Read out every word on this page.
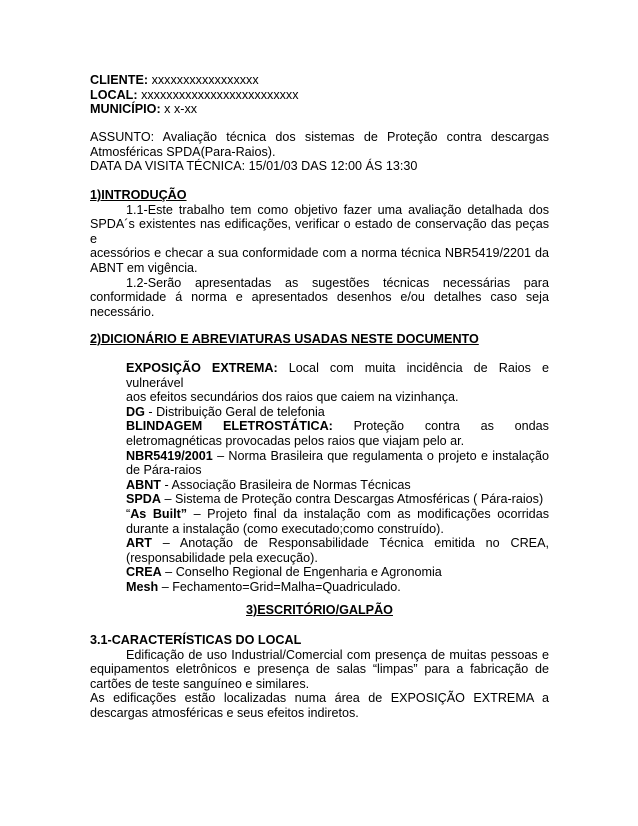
CLIENTE: xxxxxxxxxxxxxxxxx
LOCAL: xxxxxxxxxxxxxxxxxxxxxxxxx
MUNICÍPIO: x x-xx
ASSUNTO: Avaliação técnica dos sistemas de Proteção contra descargas
Atmosféricas SPDA(Para-Raios).
DATA DA VISITA TÉCNICA: 15/01/03 DAS 12:00 ÁS 13:30
1)INTRODUÇÃO
1.1-Este trabalho tem como objetivo fazer uma avaliação detalhada dos
SPDA´s existentes nas edificações, verificar o estado de conservação das peças e
acessórios e checar a sua conformidade com a norma técnica NBR5419/2201 da
ABNT em vigência.
1.2-Serão apresentadas as sugestões técnicas necessárias para
conformidade á norma e apresentados desenhos e/ou detalhes caso seja
necessário.
2)DICIONÁRIO E ABREVIATURAS USADAS NESTE DOCUMENTO
EXPOSIÇÃO EXTREMA: Local com muita incidência de Raios e vulnerável
aos efeitos secundários dos raios que caiem na vizinhança.
DG - Distribuição Geral de telefonia
BLINDAGEM ELETROSTÁTICA: Proteção contra as ondas
eletromagnéticas provocadas pelos raios que viajam pelo ar.
NBR5419/2001 – Norma Brasileira que regulamenta o projeto e instalação
de Pára-raios
ABNT - Associação Brasileira de Normas Técnicas
SPDA – Sistema de Proteção contra Descargas Atmosféricas ( Pára-raios)
“As Built” – Projeto final da instalação com as modificações ocorridas
durante a instalação (como executado;como construído).
ART – Anotação de Responsabilidade Técnica emitida no CREA,
(responsabilidade pela execução).
CREA – Conselho Regional de Engenharia e Agronomia
Mesh – Fechamento=Grid=Malha=Quadriculado.
3)ESCRITÓRIO/GALPÃO
3.1-CARACTERÍSTICAS DO LOCAL
Edificação de uso Industrial/Comercial com presença de muitas pessoas e
equipamentos eletrônicos e presença de salas “limpas” para a fabricação de
cartões de teste sanguíneo e similares.
As edificações estão localizadas numa área de EXPOSIÇÃO EXTREMA a
descargas atmosféricas e seus efeitos indiretos.
